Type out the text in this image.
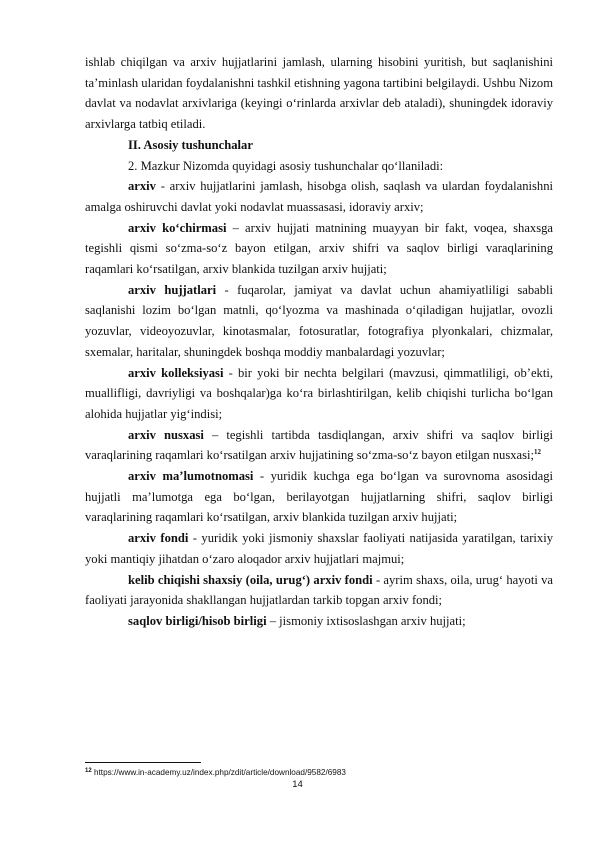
ishlab chiqilgan va arxiv hujjatlarini jamlash, ularning hisobini yuritish, but saqlanishini ta’minlash ularidan foydalanishni tashkil etishning yagona tartibini belgilaydi. Ushbu Nizom davlat va nodavlat arxivlariga (keyingi o‘rinlarda arxivlar deb ataladi), shuningdek idoraviy arxivlarga tatbiq etiladi.

II. Asosiy tushunchalar

2. Mazkur Nizomda quyidagi asosiy tushunchalar qo‘llaniladi:

arxiv - arxiv hujjatlarini jamlash, hisobga olish, saqlash va ulardan foydalanishni amalga oshiruvchi davlat yoki nodavlat muassasasi, idoraviy arxiv;

arxiv ko‘chirmasi – arxiv hujjati matnining muayyan bir fakt, voqea, shaxsga tegishli qismi so‘zma-so‘z bayon etilgan, arxiv shifri va saqlov birligi varaqlarining raqamlari ko‘rsatilgan, arxiv blankida tuzilgan arxiv hujjati;

arxiv hujjatlari - fuqarolar, jamiyat va davlat uchun ahamiyatliligi sababli saqlanishi lozim bo‘lgan matnli, qo‘lyozma va mashinada o‘qiladigan hujjatlar, ovozli yozuvlar, videoyozuvlar, kinotasmalar, fotosuratlar, fotografiya plyonkalari, chizmalar, sxemalar, haritalar, shuningdek boshqa moddiy manbalardagi yozuvlar;

arxiv kolleksiyasi - bir yoki bir nechta belgilari (mavzusi, qimmatliligi, ob’ekti, muallifligi, davriyligi va boshqalar)ga ko‘ra birlashtirilgan, kelib chiqishi turlicha bo‘lgan alohida hujjatlar yig‘indisi;

arxiv nusxasi – tegishli tartibda tasdiqlangan, arxiv shifri va saqlov birligi varaqlarining raqamlari ko‘rsatilgan arxiv hujjatining so‘zma-so‘z bayon etilgan nusxasi;$^{12}$

arxiv ma’lumotnomasi - yuridik kuchga ega bo‘lgan va surovnoma asosidagi hujjatli ma’lumotga ega bo‘lgan, berilayotgan hujjatlarning shifri, saqlov birligi varaqlarining raqamlari ko‘rsatilgan, arxiv blankida tuzilgan arxiv hujjati;

arxiv fondi - yuridik yoki jismoniy shaxslar faoliyati natijasida yaratilgan, tarixiy yoki mantiqiy jihatdan o‘zaro aloqador arxiv hujjatlari majmui;

kelib chiqishi shaxsiy (oila, urug‘) arxiv fondi - ayrim shaxs, oila, urug‘ hayoti va faoliyati jarayonida shakllangan hujjatlardan tarkib topgan arxiv fondi;

saqlov birligi/hisob birligi – jismoniy ixtisoslashgan arxiv hujjati;

$^{12}$ https://www.in-academy.uz/index.php/zdit/article/download/9582/6983
14
